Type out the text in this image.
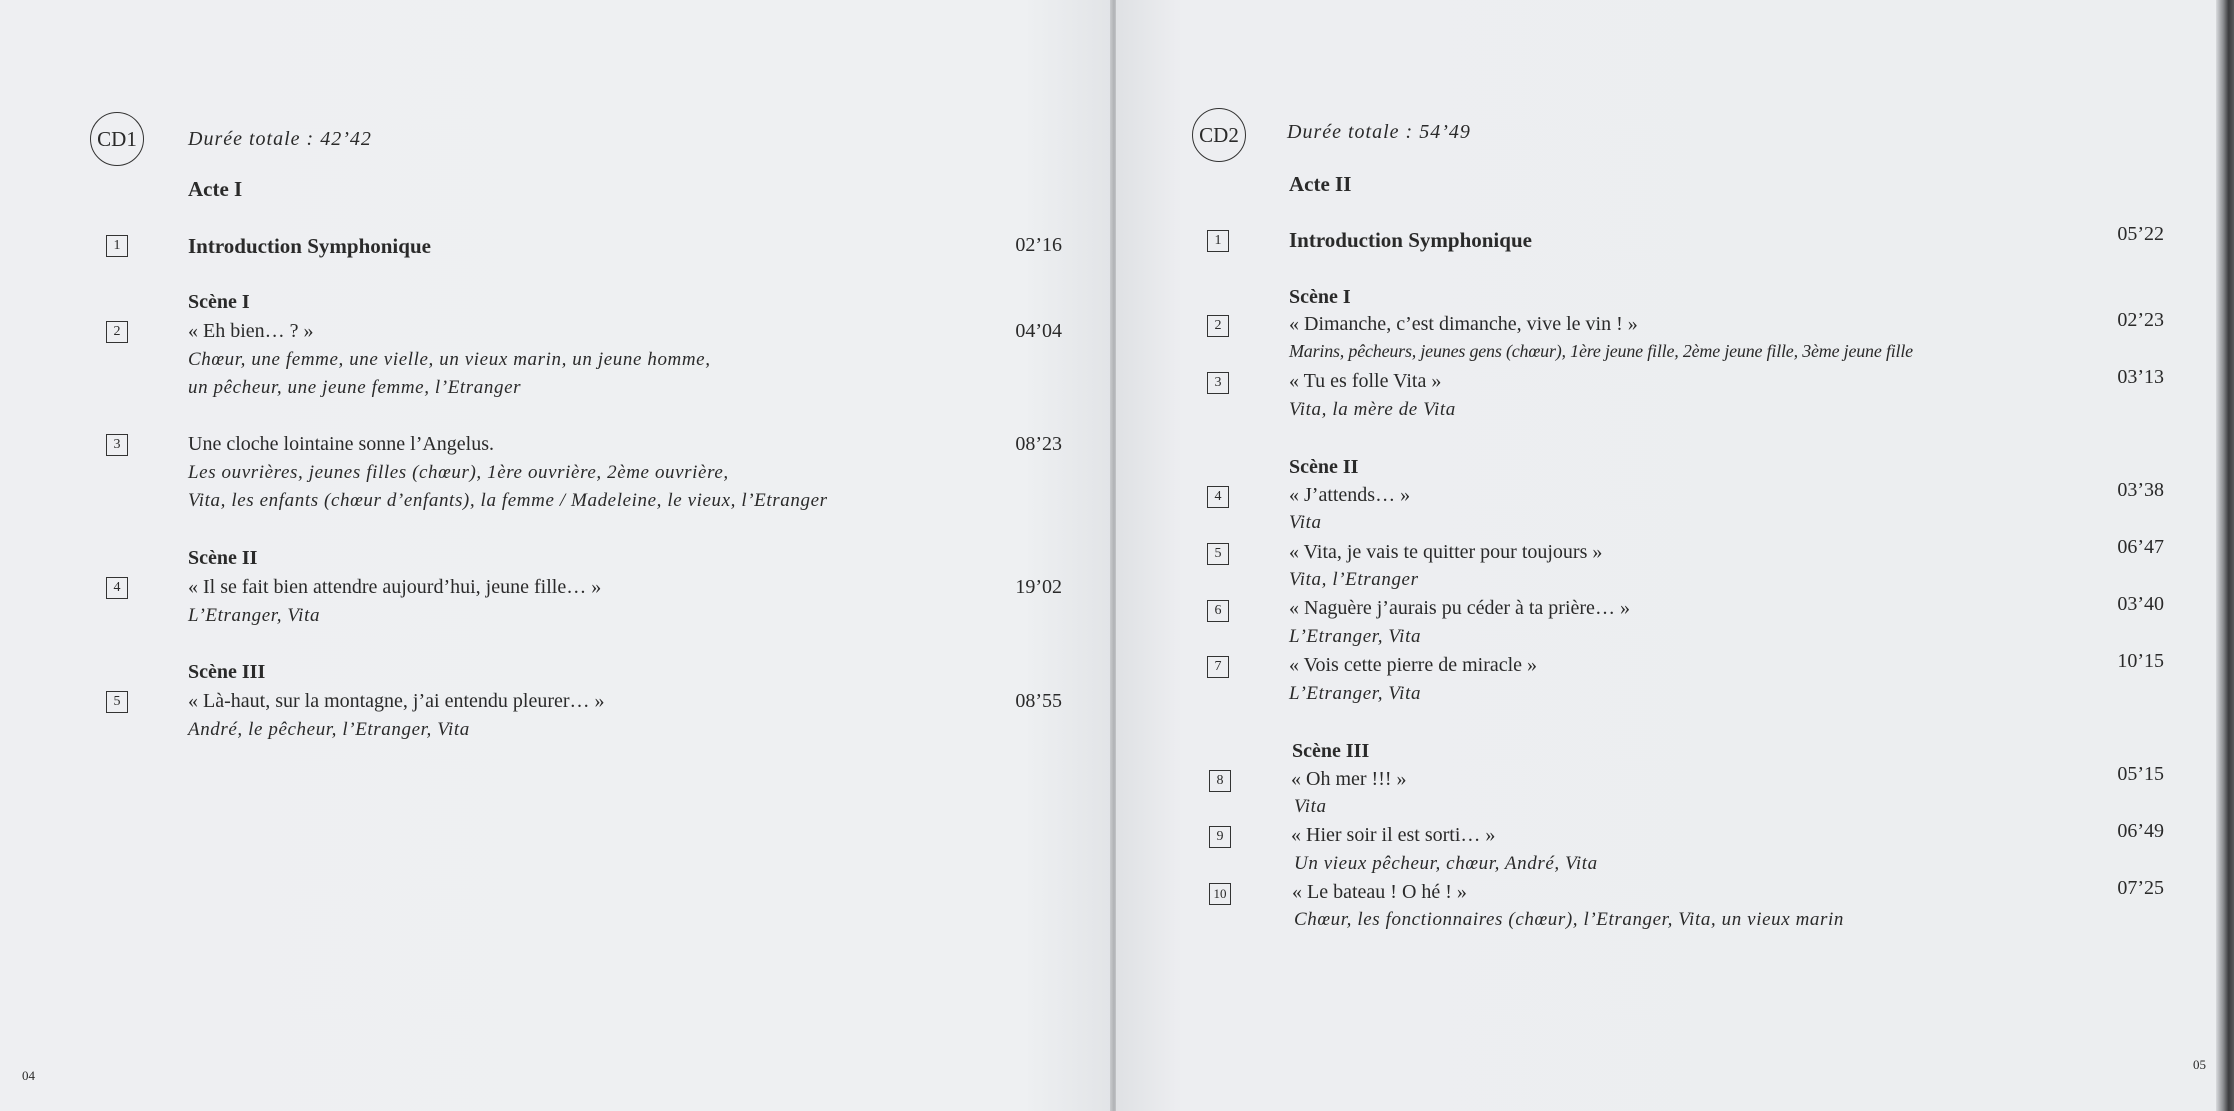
CD1	Durée totale : 42’42
Acte I
1	Introduction Symphonique	02’16
Scène I
2	« Eh bien… ? »	04’04
Chœur, une femme, une vielle, un vieux marin, un jeune homme,
un pêcheur, une jeune femme, l’Etranger
3	Une cloche lointaine sonne l’Angelus.	08’23
Les ouvrières, jeunes filles (chœur), 1ère ouvrière, 2ème ouvrière,
Vita, les enfants (chœur d’enfants), la femme / Madeleine, le vieux, l’Etranger
Scène II
4	« Il se fait bien attendre aujourd’hui, jeune fille… »	19’02
L’Etranger, Vita
Scène III
5	« Là-haut, sur la montagne, j’ai entendu pleurer… »	08’55
André, le pêcheur, l’Etranger, Vita
04
CD2 Durée totale : 54’49
Acte II
1	Introduction Symphonique	05’22
Scène I
2	« Dimanche, c’est dimanche, vive le vin ! »	02’23
Marins, pêcheurs, jeunes gens (chœur), 1ère jeune fille, 2ème jeune fille, 3ème jeune fille
3	« Tu es folle Vita »	03’13
Vita, la mère de Vita
Scène II
4	« J’attends… »	03’38
Vita
5	« Vita, je vais te quitter pour toujours »	06’47
Vita, l’Etranger
6	« Naguère j’aurais pu céder à ta prière… »	03’40
L’Etranger, Vita
7	« Vois cette pierre de miracle »	10’15
L’Etranger, Vita
Scène III
8	« Oh mer !!! »	05’15
Vita
9	« Hier soir il est sorti… »	06’49
Un vieux pêcheur, chœur, André, Vita
10	« Le bateau ! O hé ! »	07’25
Chœur, les fonctionnaires (chœur), l’Etranger, Vita, un vieux marin
05
